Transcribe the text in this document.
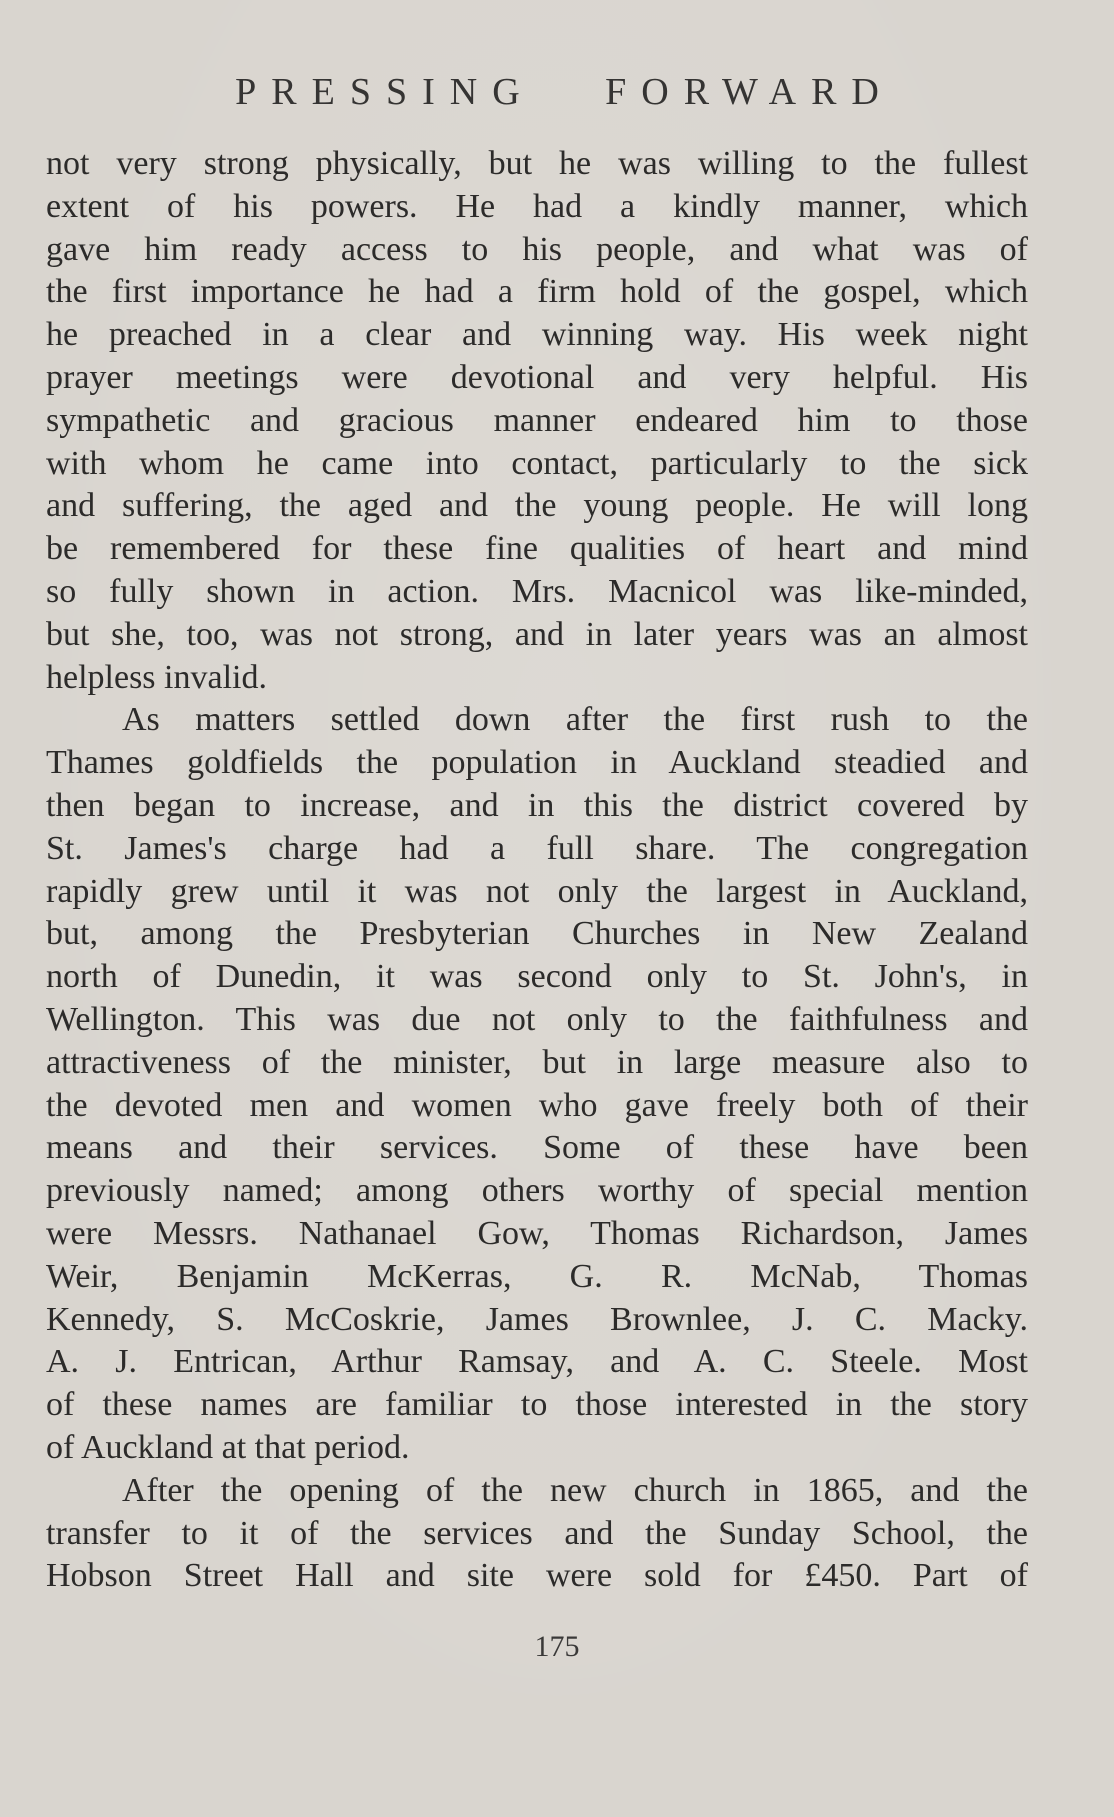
PRESSING FORWARD
not very strong physically, but he was willing to the fullest
extent of his powers. He had a kindly manner, which
gave him ready access to his people, and what was of
the first importance he had a firm hold of the gospel, which
he preached in a clear and winning way. His week night
prayer meetings were devotional and very helpful. His
sympathetic and gracious manner endeared him to those
with whom he came into contact, particularly to the sick
and suffering, the aged and the young people. He will long
be remembered for these fine qualities of heart and mind
so fully shown in action. Mrs. Macnicol was like-minded,
but she, too, was not strong, and in later years was an almost
helpless invalid.
As matters settled down after the first rush to the
Thames goldfields the population in Auckland steadied and
then began to increase, and in this the district covered by
St. James's charge had a full share. The congregation
rapidly grew until it was not only the largest in Auckland,
but, among the Presbyterian Churches in New Zealand
north of Dunedin, it was second only to St. John's, in
Wellington. This was due not only to the faithfulness and
attractiveness of the minister, but in large measure also to
the devoted men and women who gave freely both of their
means and their services. Some of these have been
previously named; among others worthy of special mention
were Messrs. Nathanael Gow, Thomas Richardson, James
Weir, Benjamin McKerras, G. R. McNab, Thomas
Kennedy, S. McCoskrie, James Brownlee, J. C. Macky.
A. J. Entrican, Arthur Ramsay, and A. C. Steele. Most
of these names are familiar to those interested in the story
of Auckland at that period.
After the opening of the new church in 1865, and the
transfer to it of the services and the Sunday School, the
Hobson Street Hall and site were sold for £450. Part of
175
